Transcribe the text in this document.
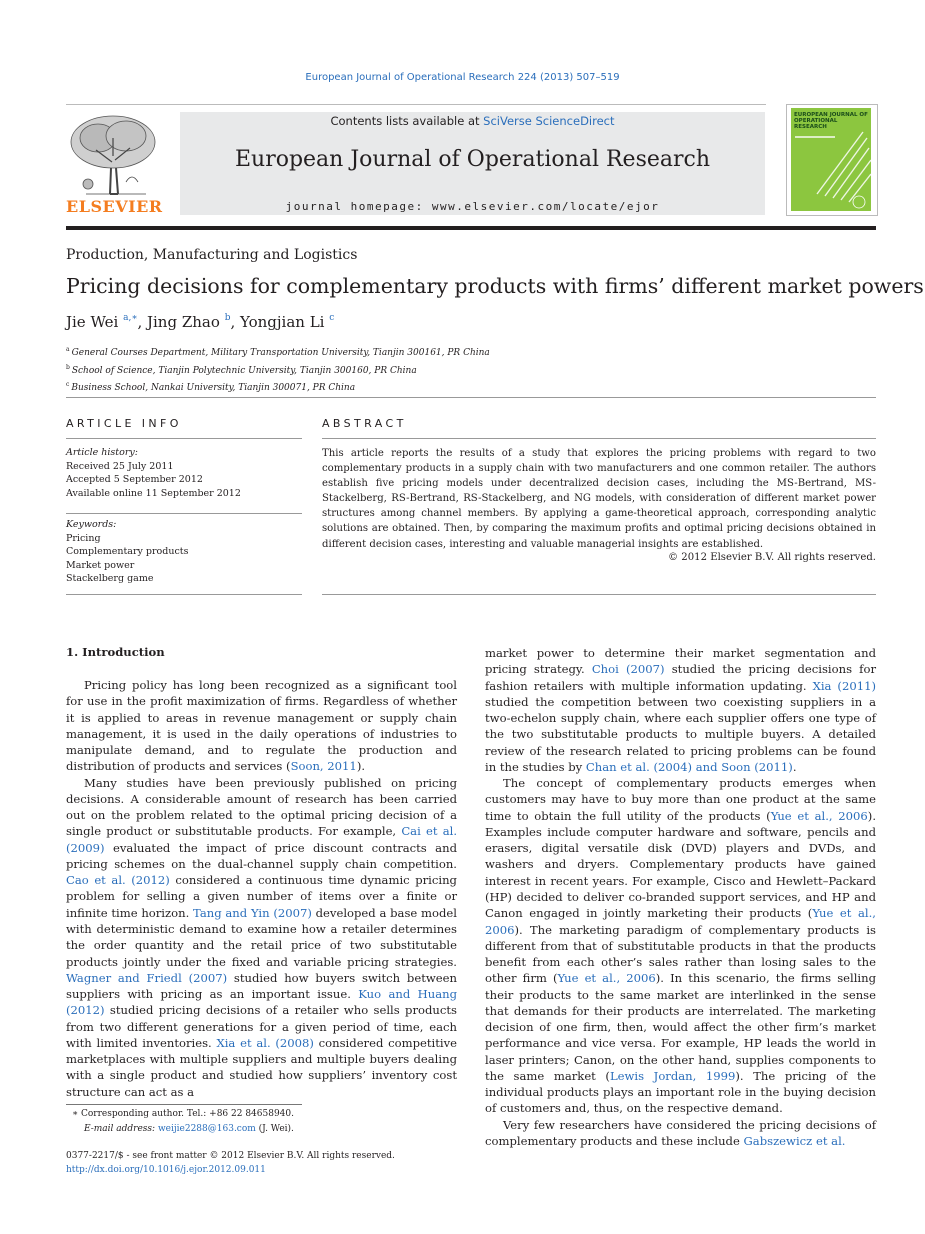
European Journal of Operational Research 224 (2013) 507–519
ELSEVIER
Contents lists available at SciVerse ScienceDirect
European Journal of Operational Research
journal homepage: www.elsevier.com/locate/ejor
EUROPEAN JOURNAL OF OPERATIONAL RESEARCH
Production, Manufacturing and Logistics
Pricing decisions for complementary products with firms’ different market powers
Jie Wei $^{a,∗}$, Jing Zhao $^b$, Yongjian Li $^c$
$^a$ General Courses Department, Military Transportation University, Tianjin 300161, PR China
$^b$ School of Science, Tianjin Polytechnic University, Tianjin 300160, PR China
$^c$ Business School, Nankai University, Tianjin 300071, PR China
ARTICLE INFO	ABSTRACT
Article history:
Received 25 July 2011
Accepted 5 September 2012
Available online 11 September 2012
Keywords:
Pricing
Complementary products
Market power
Stackelberg game
This article reports the results of a study that explores the pricing problems with regard to two complementary products in a supply chain with two manufacturers and one common retailer. The authors establish five pricing models under decentralized decision cases, including the MS-Bertrand, MS-Stackelberg, RS-Bertrand, RS-Stackelberg, and NG models, with consideration of different market power structures among channel members. By applying a game-theoretical approach, corresponding analytic solutions are obtained. Then, by comparing the maximum profits and optimal pricing decisions obtained in different decision cases, interesting and valuable managerial insights are established.
© 2012 Elsevier B.V. All rights reserved.
1. Introduction

Pricing policy has long been recognized as a significant tool for use in the profit maximization of firms. Regardless of whether it is applied to areas in revenue management or supply chain management, it is used in the daily operations of industries to manipulate demand, and to regulate the production and distribution of products and services (Soon, 2011).

Many studies have been previously published on pricing decisions. A considerable amount of research has been carried out on the problem related to the optimal pricing decision of a single product or substitutable products. For example, Cai et al. (2009) evaluated the impact of price discount contracts and pricing schemes on the dual-channel supply chain competition. Cao et al. (2012) considered a continuous time dynamic pricing problem for selling a given number of items over a finite or infinite time horizon. Tang and Yin (2007) developed a base model with deterministic demand to examine how a retailer determines the order quantity and the retail price of two substitutable products jointly under the fixed and variable pricing strategies. Wagner and Friedl (2007) studied how buyers switch between suppliers with pricing as an important issue. Kuo and Huang (2012) studied pricing decisions of a retailer who sells products from two different generations for a given period of time, each with limited inventories. Xia et al. (2008) considered competitive marketplaces with multiple suppliers and multiple buyers dealing with a single product and studied how suppliers’ inventory cost structure can act as a

market power to determine their market segmentation and pricing strategy. Choi (2007) studied the pricing decisions for fashion retailers with multiple information updating. Xia (2011) studied the competition between two coexisting suppliers in a two-echelon supply chain, where each supplier offers one type of the two substitutable products to multiple buyers. A detailed review of the research related to pricing problems can be found in the studies by Chan et al. (2004) and Soon (2011).

The concept of complementary products emerges when customers may have to buy more than one product at the same time to obtain the full utility of the products (Yue et al., 2006). Examples include computer hardware and software, pencils and erasers, digital versatile disk (DVD) players and DVDs, and washers and dryers. Complementary products have gained interest in recent years. For example, Cisco and Hewlett–Packard (HP) decided to deliver co-branded support services, and HP and Canon engaged in jointly marketing their products (Yue et al., 2006). The marketing paradigm of complementary products is different from that of substitutable products in that the products benefit from each other’s sales rather than losing sales to the other firm (Yue et al., 2006). In this scenario, the firms selling their products to the same market are interlinked in the sense that demands for their products are interrelated. The marketing decision of one firm, then, would affect the other firm’s market performance and vice versa. For example, HP leads the world in laser printers; Canon, on the other hand, supplies components to the same market (Lewis Jordan, 1999). The pricing of the individual products plays an important role in the buying decision of customers and, thus, on the respective demand.

Very few researchers have considered the pricing decisions of complementary products and these include Gabszewicz et al.

∗ Corresponding author. Tel.: +86 22 84658940.
E-mail address: weijie2288@163.com (J. Wei).
0377-2217/$ - see front matter © 2012 Elsevier B.V. All rights reserved.
http://dx.doi.org/10.1016/j.ejor.2012.09.011
